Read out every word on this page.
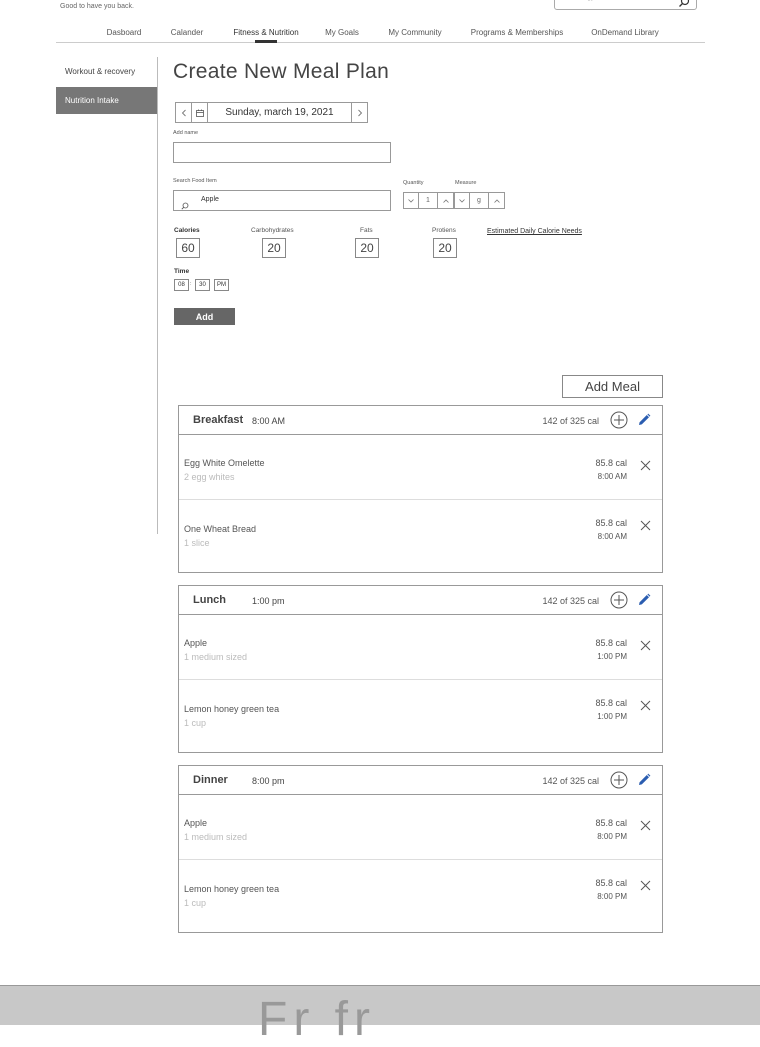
Good to have you back.
Dasboard	Calander	Fitness & Nutrition	My Goals	My Community	Programs & Memberships	OnDemand Library
Workout & recovery
Nutrition Intake
Create New Meal Plan
Sunday, march 19, 2021
Add name
Search Food Item
Apple
Quantity
1
Measure
g
Calories
60
Carbohydrates
20
Fats
20
Protiens
20
Estimated Daily Calorie Needs
Time
08 :	30	PM
Add
Add Meal
Breakfast 8:00 AM	142 of 325 cal
Egg White Omelette
2 egg whites
85.8 cal
8:00 AM
One Wheat Bread
1 slice
85.8 cal
8:00 AM
Lunch	1:00 pm	142 of 325 cal
Apple
1 medium sized
85.8 cal
1:00 PM
Lemon honey green tea
1 cup
85.8 cal
1:00 PM
Dinner	8:00 pm	142 of 325 cal
Apple
1 medium sized
85.8 cal
8:00 PM
Lemon honey green tea
1 cup
85.8 cal
8:00 PM
Fr fr
